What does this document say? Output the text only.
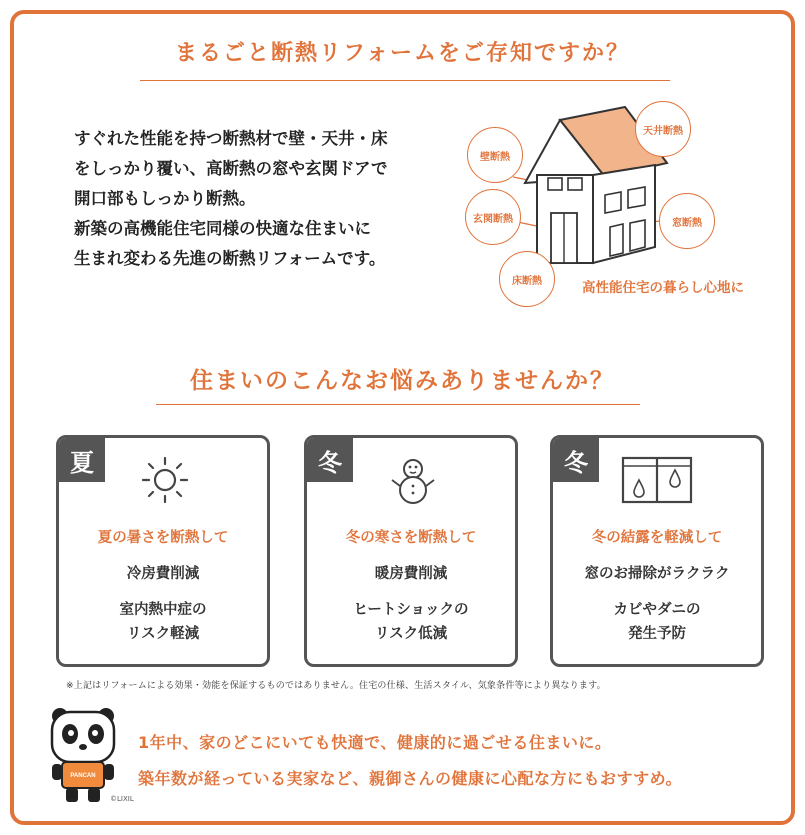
まるごと断熱リフォームをご存知ですか？
すぐれた性能を持つ断熱材で壁・天井・床
をしっかり覆い、高断熱の窓や玄関ドアで
開口部もしっかり断熱。
新築の高機能住宅同様の快適な住まいに
生まれ変わる先進の断熱リフォームです。
壁断熱
天井断熱
玄関断熱	窓断熱
床断熱	高性能住宅の暮らし心地に
住まいのこんなお悩みありませんか？
夏
夏の暑さを断熱して
冷房費削減
室内熱中症の
リスク軽減
冬
冬の寒さを断熱して
暖房費削減
ヒートショックの
リスク低減
冬
冬の結露を軽減して
窓のお掃除がラクラク
カビやダニの
発生予防
※上記はリフォームによる効果・効能を保証するものではありません。住宅の仕様、生活スタイル、気象条件等により異なります。
PANCAN
©LIXIL
1年中、家のどこにいても快適で、健康的に過ごせる住まいに。
築年数が経っている実家など、親御さんの健康に心配な方にもおすすめ。
